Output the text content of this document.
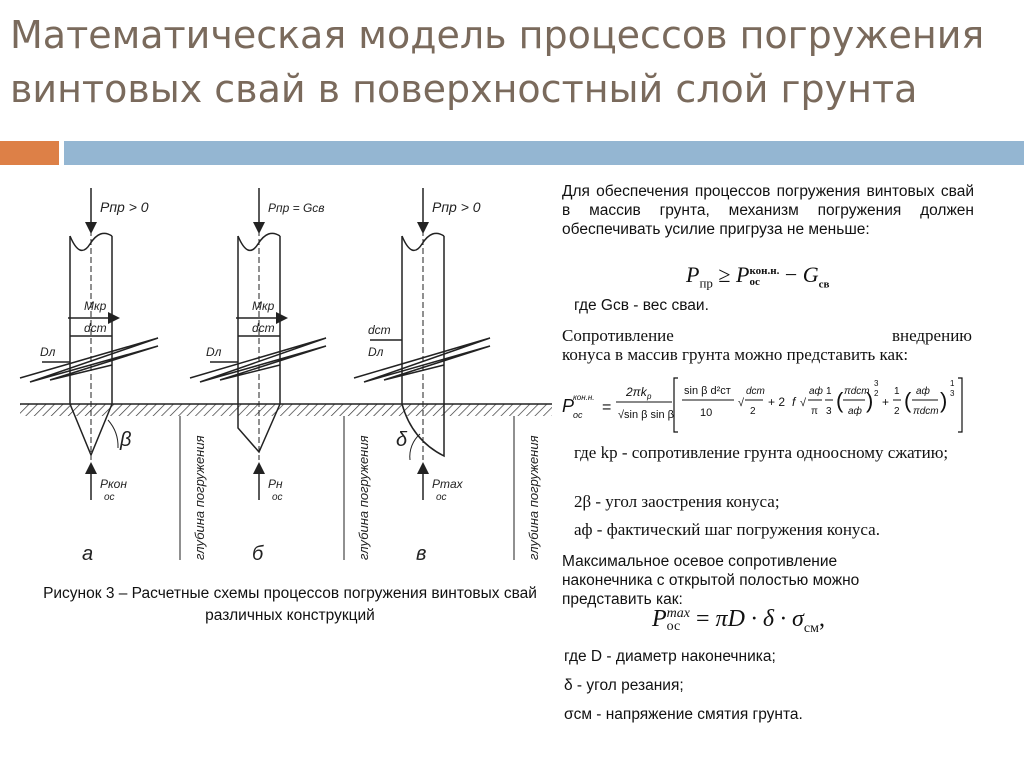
Математическая модель процессов погружения винтовых свай в поверхностный слой грунта
Pпр > 0
Mкр
dст
Dл
β
Pкон
ос
а	глубина погружения
Pпр = Gсв
Mкр
dст
Dл
Pн
ос
б	глубина погружения
Pпр > 0
dст
Dл
δ
Pmax
ос
в	глубина погружения
Рисунок 3 – Расчетные схемы процессов погружения винтовых свай различных конструкций
Для обеспечения процессов погружения винтовых свай в массив грунта, механизм погружения должен обеспечивать усилие пригруза не меньше:
$P_{пр}$ ≥ Pкон.н.
ос − $G_{св}$
где Gсв - вес сваи.
Сопротивление	внедрению
конуса в массив грунта можно представить как:
P
ос
кон.н.
=
2πk p
√sin β sin β
sin β d²ст
10
√
dст
2
+ 2 f √
aф
π
1
3 ( πdст
aф )
3
2
+
1
2 ( aф
πdст )
1
3
где kp - сопротивление грунта одноосному сжатию;
2β - угол заострения конуса;
aф - фактический шаг погружения конуса.
Максимальное осевое сопротивление наконечника с открытой полостью можно представить как:
Pmax
ос = $\pi D \cdot \delta \cdot \sigma_{см}$,
где D - диаметр наконечника;
δ - угол резания;
σсм - напряжение смятия грунта.
